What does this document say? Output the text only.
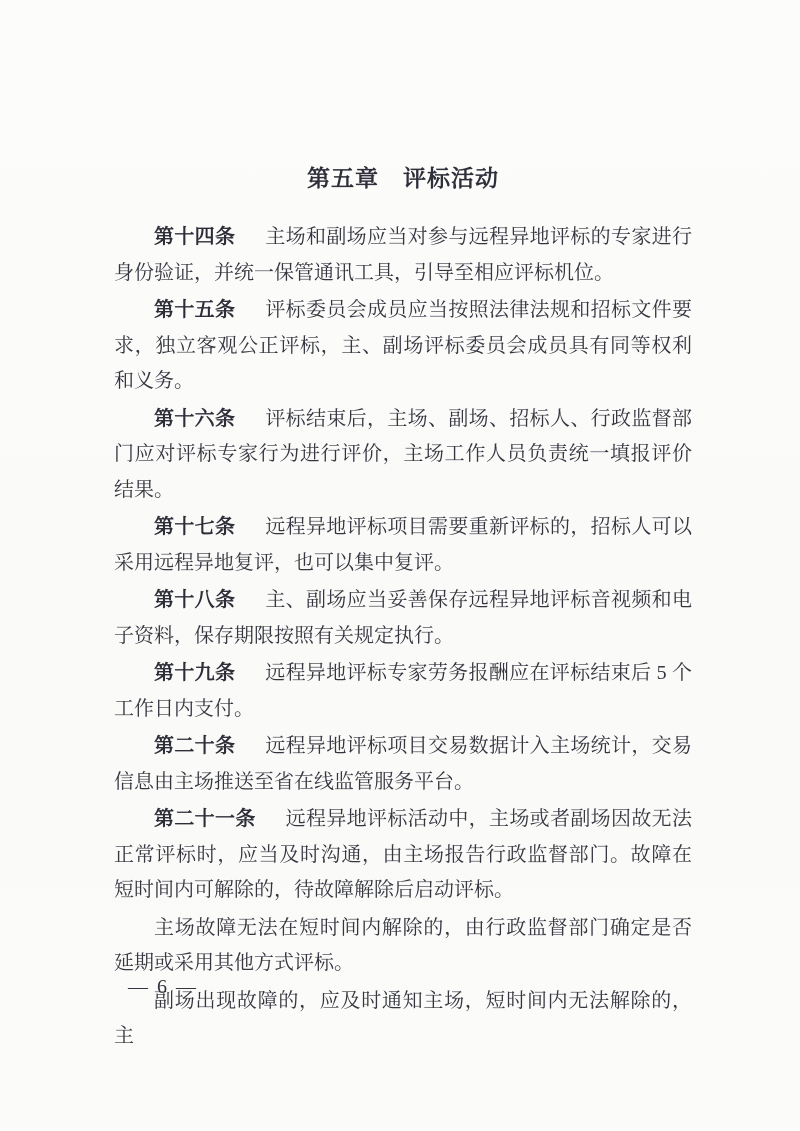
第五章　评标活动

第十四条 主场和副场应当对参与远程异地评标的专家进行身份验证，并统一保管通讯工具，引导至相应评标机位。

第十五条 评标委员会成员应当按照法律法规和招标文件要求，独立客观公正评标，主、副场评标委员会成员具有同等权利和义务。

第十六条 评标结束后，主场、副场、招标人、行政监督部门应对评标专家行为进行评价，主场工作人员负责统一填报评价结果。

第十七条 远程异地评标项目需要重新评标的，招标人可以采用远程异地复评，也可以集中复评。

第十八条 主、副场应当妥善保存远程异地评标音视频和电子资料，保存期限按照有关规定执行。

第十九条 远程异地评标专家劳务报酬应在评标结束后 5 个工作日内支付。

第二十条 远程异地评标项目交易数据计入主场统计，交易信息由主场推送至省在线监管服务平台。

第二十一条 远程异地评标活动中，主场或者副场因故无法正常评标时，应当及时沟通，由主场报告行政监督部门。故障在短时间内可解除的，待故障解除后启动评标。

主场故障无法在短时间内解除的，由行政监督部门确定是否延期或采用其他方式评标。

副场出现故障的，应及时通知主场，短时间内无法解除的，主

— 6 —
